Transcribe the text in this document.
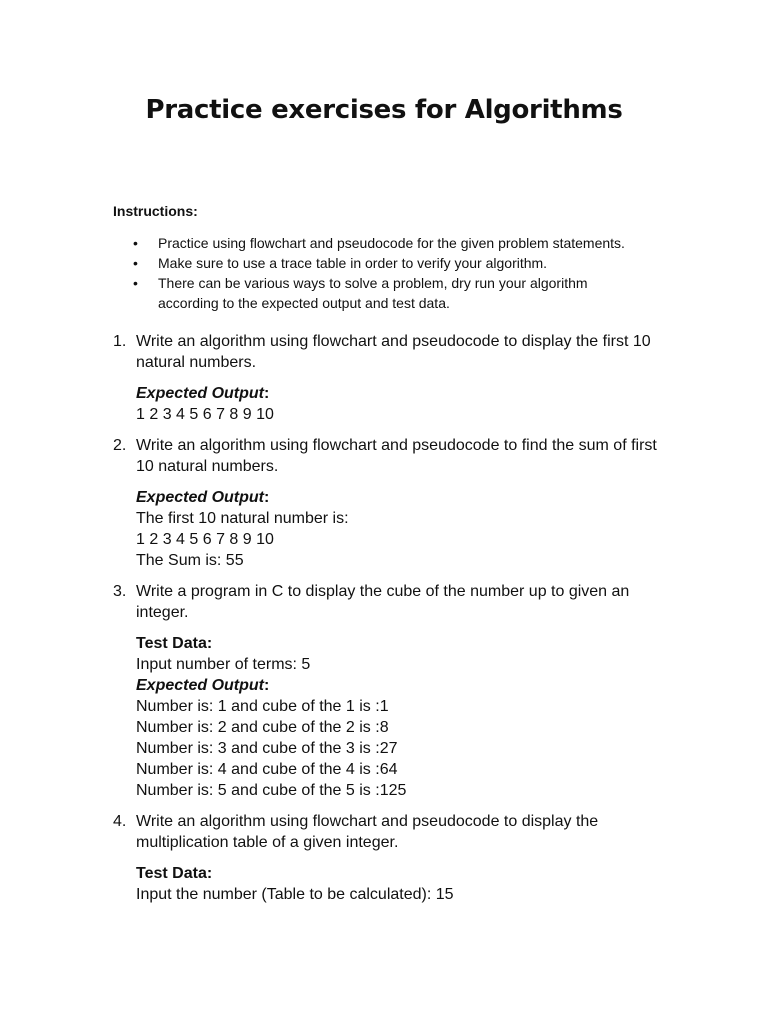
Practice exercises for Algorithms
Instructions:
• Practice using flowchart and pseudocode for the given problem statements.
• Make sure to use a trace table in order to verify your algorithm.
• There can be various ways to solve a problem, dry run your algorithm
according to the expected output and test data.
1. Write an algorithm using flowchart and pseudocode to display the first 10
natural numbers.
Expected Output:
1 2 3 4 5 6 7 8 9 10
2. Write an algorithm using flowchart and pseudocode to find the sum of first
10 natural numbers.
Expected Output:
The first 10 natural number is:
1 2 3 4 5 6 7 8 9 10
The Sum is: 55
3. Write a program in C to display the cube of the number up to given an
integer.
Test Data:
Input number of terms: 5
Expected Output:
Number is: 1 and cube of the 1 is :1
Number is: 2 and cube of the 2 is :8
Number is: 3 and cube of the 3 is :27
Number is: 4 and cube of the 4 is :64
Number is: 5 and cube of the 5 is :125
4. Write an algorithm using flowchart and pseudocode to display the
multiplication table of a given integer.
Test Data:
Input the number (Table to be calculated): 15
